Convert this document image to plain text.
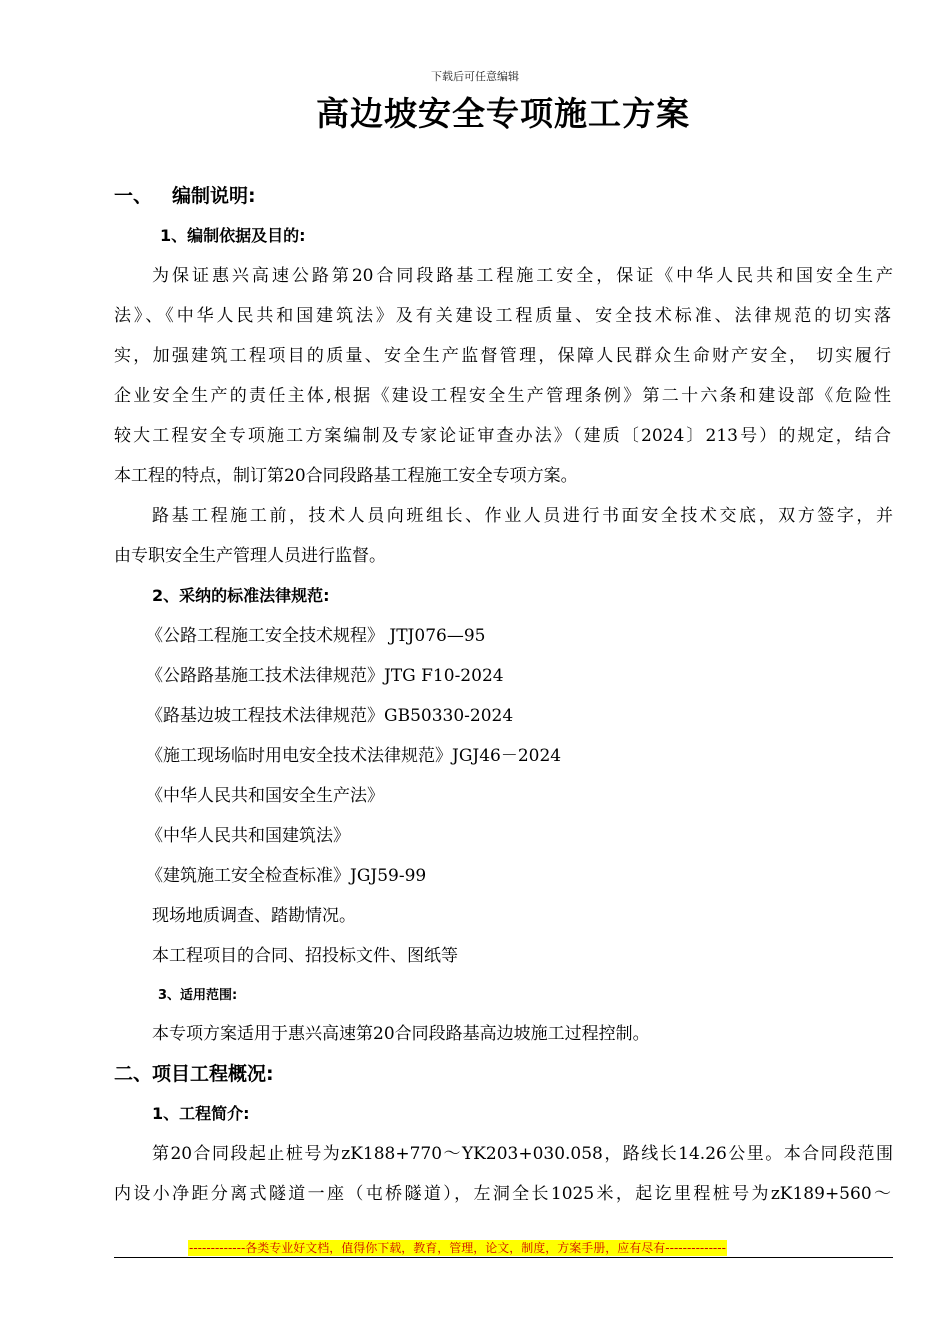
下载后可任意编辑
高边坡安全专项施工方案
一、 编制说明:
1、编制依据及目的:
为保证惠兴高速公路第20合同段路基工程施工安全，保证《中华人民共和国安全生产
法》、《中华人民共和国建筑法》及有关建设工程质量、安全技术标准、法律规范的切实落
实，加强建筑工程项目的质量、安全生产监督管理，保障人民群众生命财产安全， 切实履行
企业安全生产的责任主体,根据《建设工程安全生产管理条例》第二十六条和建设部《危险性
较大工程安全专项施工方案编制及专家论证审查办法》（建质〔2024〕213号）的规定，结合
本工程的特点，制订第20合同段路基工程施工安全专项方案。
路基工程施工前，技术人员向班组长、作业人员进行书面安全技术交底，双方签字，并
由专职安全生产管理人员进行监督。
2、采纳的标准法律规范:
《公路工程施工安全技术规程》 JTJ076—95
《公路路基施工技术法律规范》JTG F10-2024
《路基边坡工程技术法律规范》GB50330-2024
《施工现场临时用电安全技术法律规范》JGJ46－2024
《中华人民共和国安全生产法》
《中华人民共和国建筑法》
《建筑施工安全检查标准》JGJ59-99
现场地质调查、踏勘情况。
本工程项目的合同、招投标文件、图纸等
3、适用范围:
本专项方案适用于惠兴高速第20合同段路基高边坡施工过程控制。
二、项目工程概况:
1、工程简介:
第20合同段起止桩号为zK188+770～YK203+030.058，路线长14.26公里。本合同段范围
内设小净距分离式隧道一座（屯桥隧道），左洞全长1025米，起讫里程桩号为zK189+560～
-------------各类专业好文档，值得你下载，教育，管理，论文，制度，方案手册，应有尽有--------------
